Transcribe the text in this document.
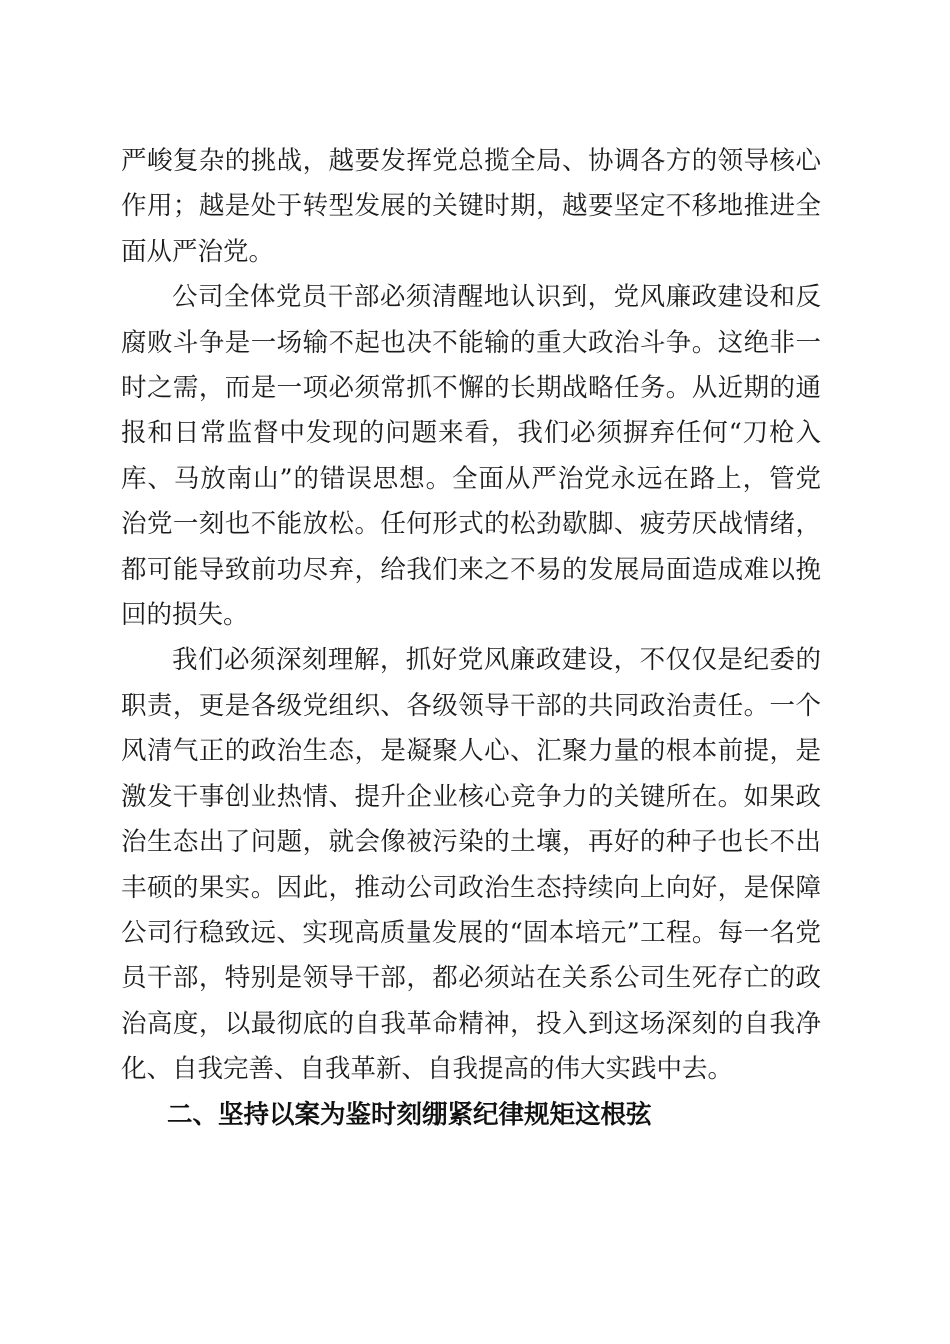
严峻复杂的挑战，越要发挥党总揽全局、协调各方的领导核心作用；越是处于转型发展的关键时期，越要坚定不移地推进全面从严治党。

公司全体党员干部必须清醒地认识到，党风廉政建设和反腐败斗争是一场输不起也决不能输的重大政治斗争。这绝非一时之需，而是一项必须常抓不懈的长期战略任务。从近期的通报和日常监督中发现的问题来看，我们必须摒弃任何“刀枪入库、马放南山”的错误思想。全面从严治党永远在路上，管党治党一刻也不能放松。任何形式的松劲歇脚、疲劳厌战情绪，都可能导致前功尽弃，给我们来之不易的发展局面造成难以挽回的损失。

我们必须深刻理解，抓好党风廉政建设，不仅仅是纪委的职责，更是各级党组织、各级领导干部的共同政治责任。一个风清气正的政治生态，是凝聚人心、汇聚力量的根本前提，是激发干事创业热情、提升企业核心竞争力的关键所在。如果政治生态出了问题，就会像被污染的土壤，再好的种子也长不出丰硕的果实。因此，推动公司政治生态持续向上向好，是保障公司行稳致远、实现高质量发展的“固本培元”工程。每一名党员干部，特别是领导干部，都必须站在关系公司生死存亡的政治高度，以最彻底的自我革命精神，投入到这场深刻的自我净化、自我完善、自我革新、自我提高的伟大实践中去。

二、坚持以案为鉴时刻绷紧纪律规矩这根弦
